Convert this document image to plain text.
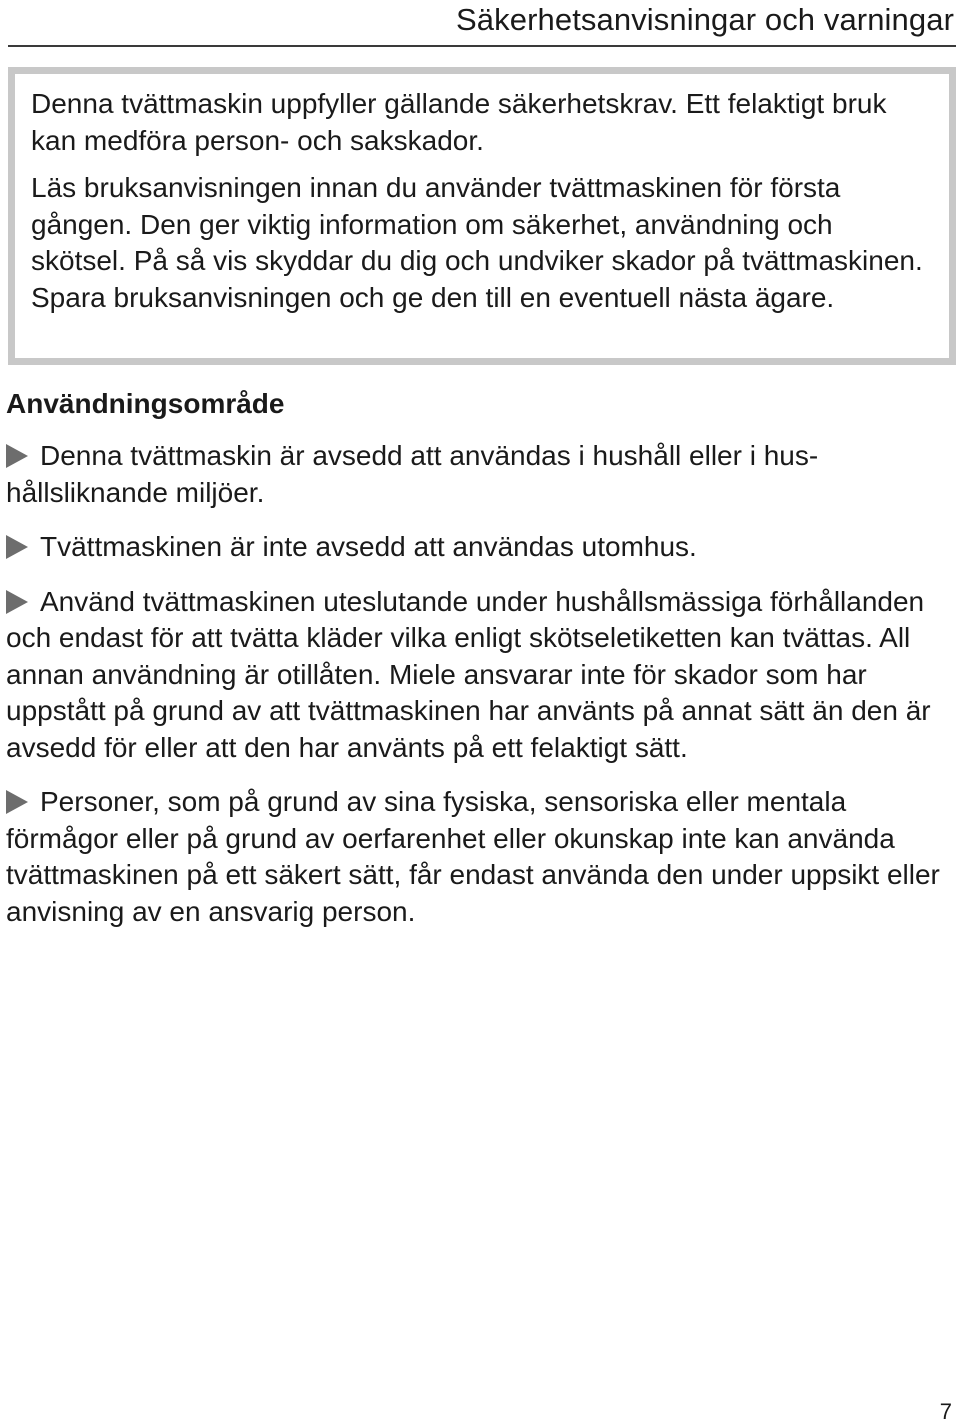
Säkerhetsanvisningar och varningar

Denna tvättmaskin uppfyller gällande säkerhetskrav. Ett felaktigt bruk kan medföra person- och sakskador.

Läs bruksanvisningen innan du använder tvättmaskinen för första gången. Den ger viktig information om säkerhet, användning och skötsel. På så vis skyddar du dig och undviker skador på tvättmaskinen.
Spara bruksanvisningen och ge den till en eventuell nästa ägare.

Användningsområde
Denna tvättmaskin är avsedd att användas i hushåll eller i hushållsliknande miljöer.
Tvättmaskinen är inte avsedd att användas utomhus.
Använd tvättmaskinen uteslutande under hushållsmässiga förhållanden och endast för att tvätta kläder vilka enligt skötseletiketten kan tvättas. All annan användning är otillåten. Miele ansvarar inte för skador som har uppstått på grund av att tvättmaskinen har använts på annat sätt än den är avsedd för eller att den har använts på ett felaktigt sätt.
Personer, som på grund av sina fysiska, sensoriska eller mentala förmågor eller på grund av oerfarenhet eller okunskap inte kan använda tvättmaskinen på ett säkert sätt, får endast använda den under uppsikt eller anvisning av en ansvarig person.
7
